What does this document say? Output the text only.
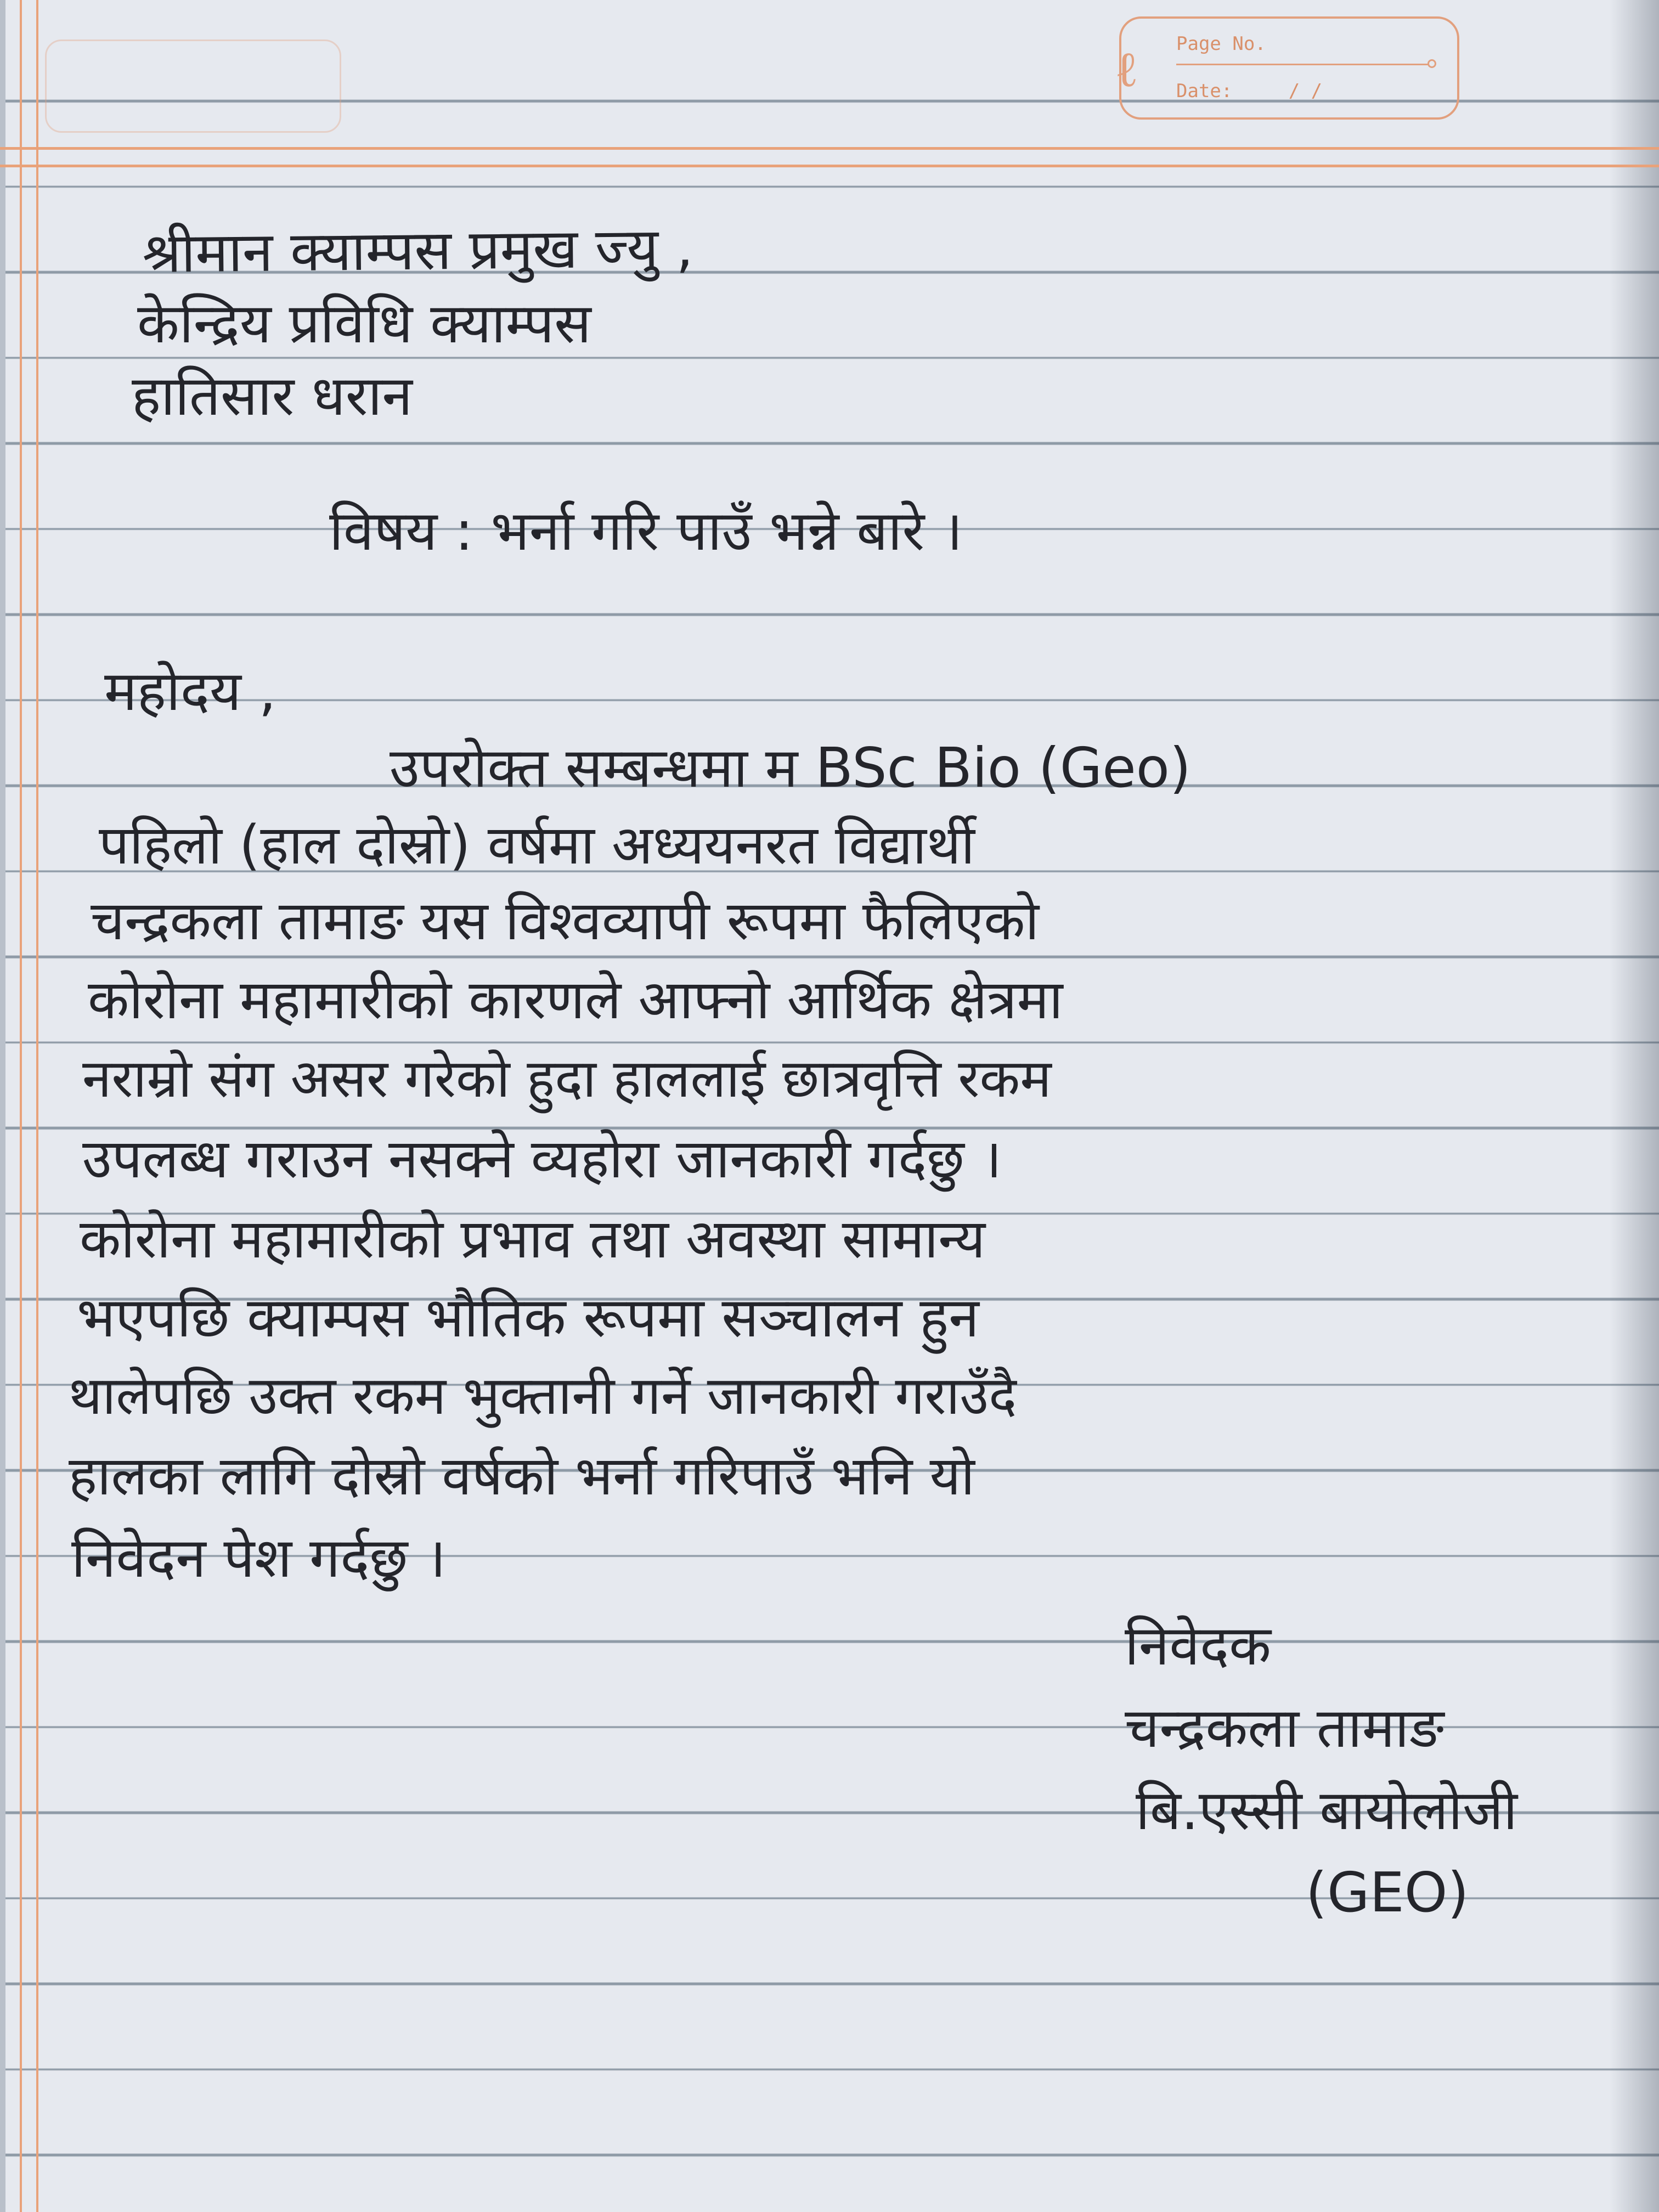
ℓ Page No.
Date:	/ /
श्रीमान क्याम्पस प्रमुख ज्यु ,
केन्द्रिय प्रविधि क्याम्पस
हातिसार धरान
विषय : भर्ना गरि पाउँ भन्ने बारे ।
महोदय ,
उपरोक्त सम्बन्धमा म BSc Bio (Geo)
पहिलो (हाल दोस्रो) वर्षमा अध्ययनरत विद्यार्थी
चन्द्रकला तामाङ यस विश्वव्यापी रूपमा फैलिएको
कोरोना महामारीको कारणले आफ्नो आर्थिक क्षेत्रमा
नराम्रो संग असर गरेको हुदा हाललाई छात्रवृत्ति रकम
उपलब्ध गराउन नसक्ने व्यहोरा जानकारी गर्दछु ।
कोरोना महामारीको प्रभाव तथा अवस्था सामान्य
भएपछि क्याम्पस भौतिक रूपमा सञ्चालन हुन
थालेपछि उक्त रकम भुक्तानी गर्ने जानकारी गराउँदै
हालका लागि दोस्रो वर्षको भर्ना गरिपाउँ भनि यो
निवेदन पेश गर्दछु ।
निवेदक
चन्द्रकला तामाङ
बि.एस्सी बायोलोजी
(GEO)
